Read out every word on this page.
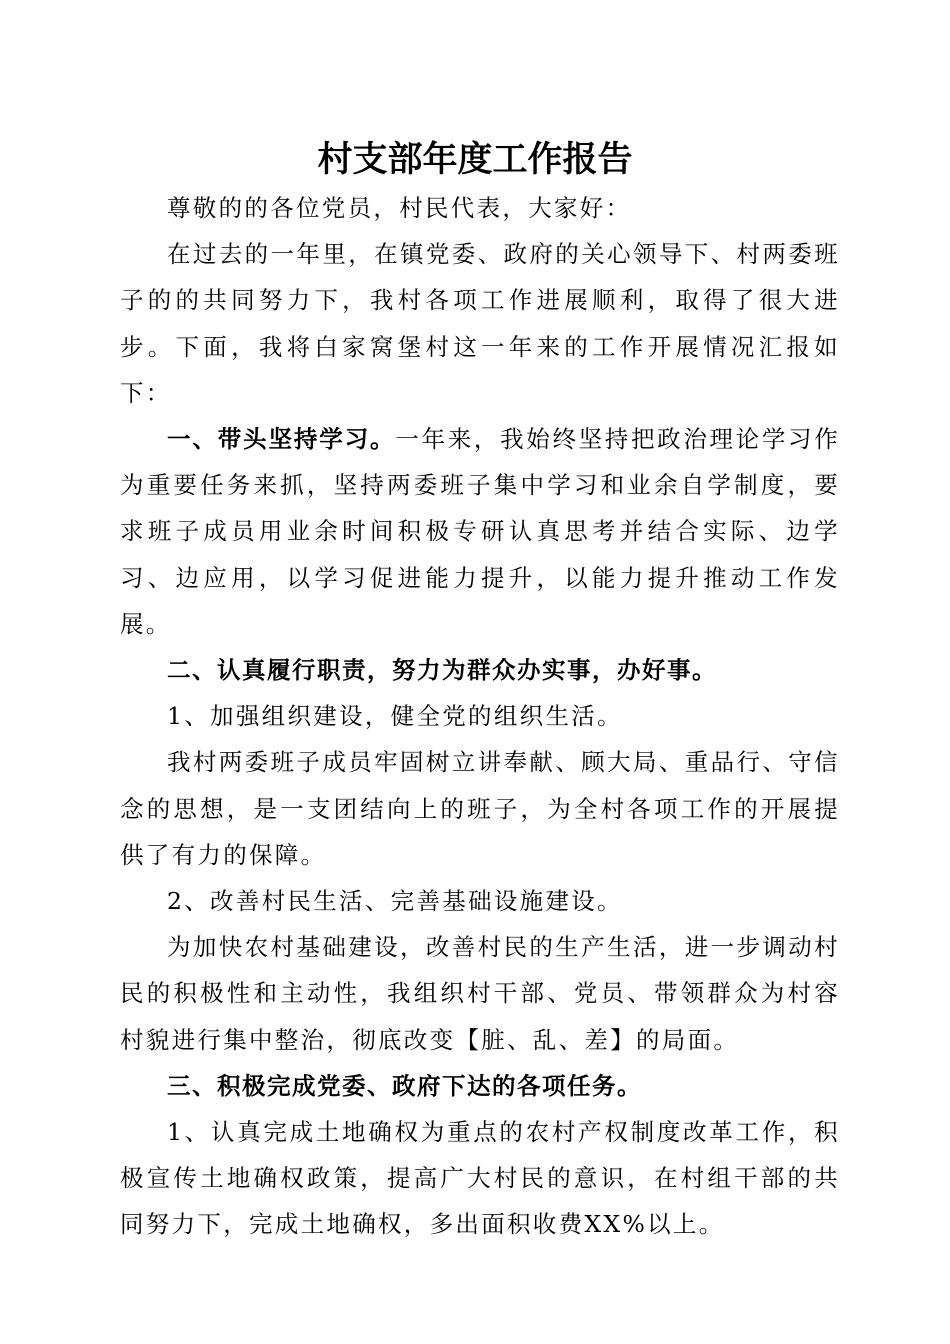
村支部年度工作报告

尊敬的的各位党员，村民代表，大家好：

在过去的一年里，在镇党委、政府的关心领导下、村两委班子的的共同努力下，我村各项工作进展顺利，取得了很大进步。下面，我将白家窝堡村这一年来的工作开展情况汇报如下：

一、带头坚持学习。一年来，我始终坚持把政治理论学习作为重要任务来抓，坚持两委班子集中学习和业余自学制度，要求班子成员用业余时间积极专研认真思考并结合实际、边学习、边应用，以学习促进能力提升，以能力提升推动工作发展。

二、认真履行职责，努力为群众办实事，办好事。

1、加强组织建设，健全党的组织生活。

我村两委班子成员牢固树立讲奉献、顾大局、重品行、守信念的思想，是一支团结向上的班子，为全村各项工作的开展提供了有力的保障。

2、改善村民生活、完善基础设施建设。

为加快农村基础建设，改善村民的生产生活，进一步调动村民的积极性和主动性，我组织村干部、党员、带领群众为村容村貌进行集中整治，彻底改变【脏、乱、差】的局面。

三、积极完成党委、政府下达的各项任务。

1、认真完成土地确权为重点的农村产权制度改革工作，积极宣传土地确权政策，提高广大村民的意识，在村组干部的共同努力下，完成土地确权，多出面积收费XX%以上。
